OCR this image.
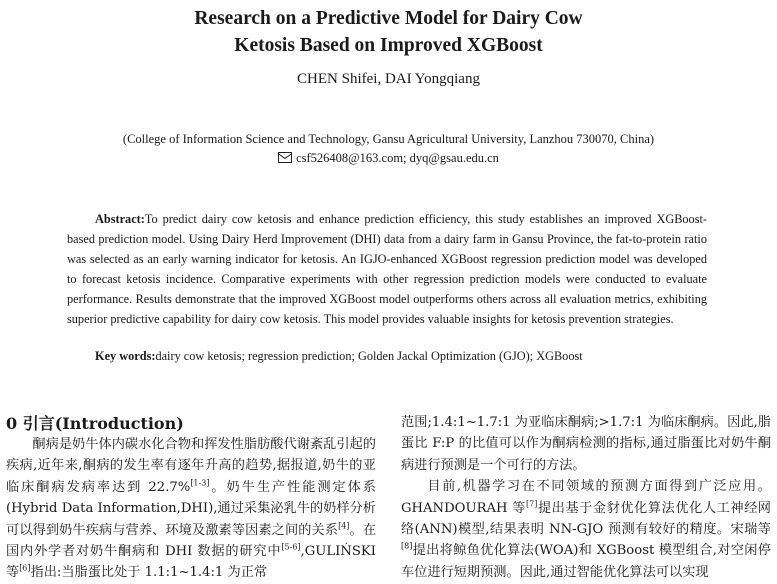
Research on a Predictive Model for Dairy Cow
Ketosis Based on Improved XGBoost
CHEN Shifei, DAI Yongqiang
(College of Information Science and Technology, Gansu Agricultural University, Lanzhou 730070, China)
csf526408@163.com; dyq@gsau.edu.cn
Abstract:To predict dairy cow ketosis and enhance prediction efficiency, this study establishes an improved XGBoost-based prediction model. Using Dairy Herd Improvement (DHI) data from a dairy farm in Gansu Province, the fat-to-protein ratio was selected as an early warning indicator for ketosis. An IGJO-enhanced XGBoost regression prediction model was developed to forecast ketosis incidence. Comparative experiments with other regression prediction models were conducted to evaluate performance. Results demonstrate that the improved XGBoost model outperforms others across all evaluation metrics, exhibiting superior predictive capability for dairy cow ketosis. This model provides valuable insights for ketosis prevention strategies.
Key words:dairy cow ketosis; regression prediction; Golden Jackal Optimization (GJO); XGBoost
0 引言(Introduction)
酮病是奶牛体内碳水化合物和挥发性脂肪酸代谢紊乱引起的疾病,近年来,酮病的发生率有逐年升高的趋势,据报道,奶牛的亚临床酮病发病率达到 22.7%[1-3]。奶牛生产性能测定体系(Hybrid Data Information,DHI),通过采集泌乳牛的奶样分析可以得到奶牛疾病与营养、环境及激素等因素之间的关系[4]。在国内外学者对奶牛酮病和 DHI 数据的研究中[5-6],GULIŃSKI 等[6]指出:当脂蛋比处于 1.1:1~1.4:1 为正常
范围;1.4:1~1.7:1 为亚临床酮病;>1.7:1 为临床酮病。因此,脂蛋比 F:P 的比值可以作为酮病检测的指标,通过脂蛋比对奶牛酮病进行预测是一个可行的方法。
目前,机器学习在不同领域的预测方面得到广泛应用。GHANDOURAH 等[7]提出基于金豺优化算法优化人工神经网络(ANN)模型,结果表明 NN-GJO 预测有较好的精度。宋瑞等[8]提出将鲸鱼优化算法(WOA)和 XGBoost 模型组合,对空闲停车位进行短期预测。因此,通过智能优化算法可以实现
